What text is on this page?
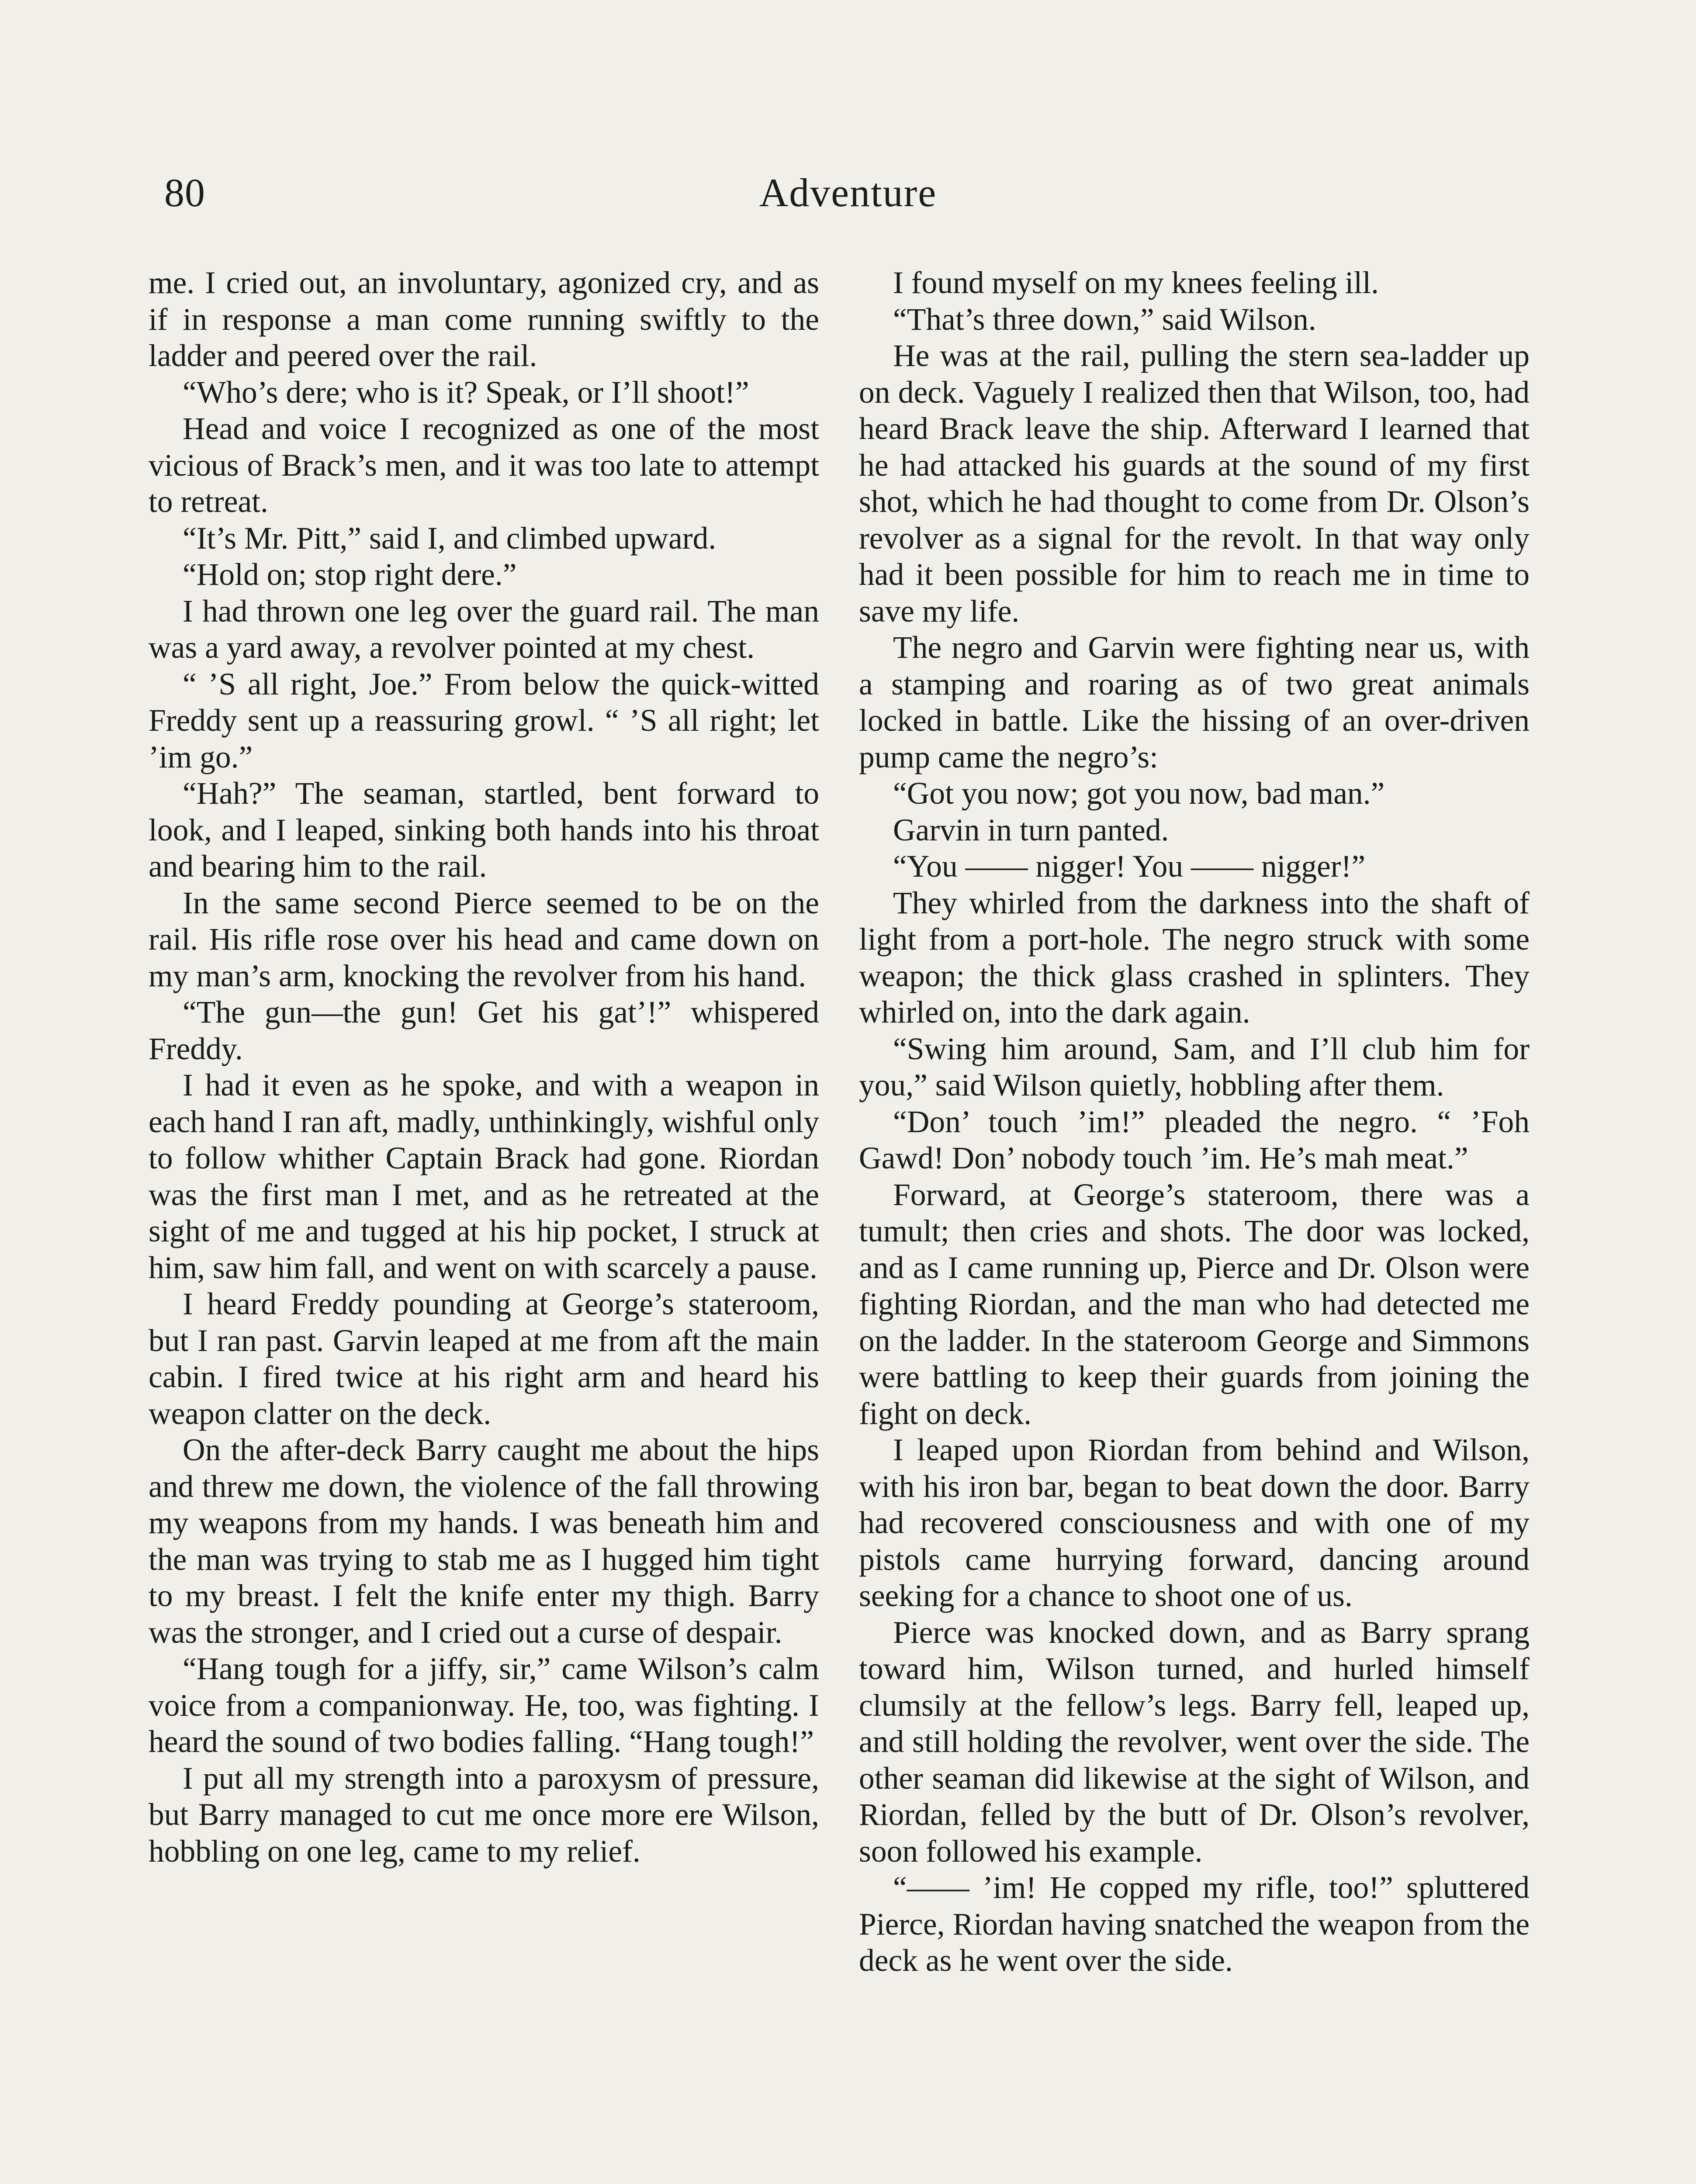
80	Adventure

me. I cried out, an involuntary, agonized cry, and as if in response a man come running swiftly to the ladder and peered over the rail.

“Who’s dere; who is it? Speak, or I’ll shoot!”

Head and voice I recognized as one of the most vicious of Brack’s men, and it was too late to attempt to retreat.

“It’s Mr. Pitt,” said I, and climbed upward.

“Hold on; stop right dere.”

I had thrown one leg over the guard rail. The man was a yard away, a revolver pointed at my chest.

“ ’S all right, Joe.” From below the quick-witted Freddy sent up a reassuring growl. “ ’S all right; let ’im go.”

“Hah?” The seaman, startled, bent forward to look, and I leaped, sinking both hands into his throat and bearing him to the rail.

In the same second Pierce seemed to be on the rail. His rifle rose over his head and came down on my man’s arm, knocking the revolver from his hand.

“The gun—the gun! Get his gat’!” whispered Freddy.

I had it even as he spoke, and with a weapon in each hand I ran aft, madly, unthinkingly, wishful only to follow whither Captain Brack had gone. Riordan was the first man I met, and as he retreated at the sight of me and tugged at his hip pocket, I struck at him, saw him fall, and went on with scarcely a pause.

I heard Freddy pounding at George’s stateroom, but I ran past. Garvin leaped at me from aft the main cabin. I fired twice at his right arm and heard his weapon clatter on the deck.

On the after-deck Barry caught me about the hips and threw me down, the violence of the fall throwing my weapons from my hands. I was beneath him and the man was trying to stab me as I hugged him tight to my breast. I felt the knife enter my thigh. Barry was the stronger, and I cried out a curse of despair.

“Hang tough for a jiffy, sir,” came Wilson’s calm voice from a companionway. He, too, was fighting. I heard the sound of two bodies falling. “Hang tough!”

I put all my strength into a paroxysm of pressure, but Barry managed to cut me once more ere Wilson, hobbling on one leg, came to my relief.

I found myself on my knees feeling ill.

“That’s three down,” said Wilson.

He was at the rail, pulling the stern sea-ladder up on deck. Vaguely I realized then that Wilson, too, had heard Brack leave the ship. Afterward I learned that he had attacked his guards at the sound of my first shot, which he had thought to come from Dr. Olson’s revolver as a signal for the revolt. In that way only had it been possible for him to reach me in time to save my life.

The negro and Garvin were fighting near us, with a stamping and roaring as of two great animals locked in battle. Like the hissing of an over-driven pump came the negro’s:

“Got you now; got you now, bad man.”

Garvin in turn panted.

“You —— nigger! You —— nigger!”

They whirled from the darkness into the shaft of light from a port-hole. The negro struck with some weapon; the thick glass crashed in splinters. They whirled on, into the dark again.

“Swing him around, Sam, and I’ll club him for you,” said Wilson quietly, hobbling after them.

“Don’ touch ’im!” pleaded the negro. “ ’Foh Gawd! Don’ nobody touch ’im. He’s mah meat.”

Forward, at George’s stateroom, there was a tumult; then cries and shots. The door was locked, and as I came running up, Pierce and Dr. Olson were fighting Riordan, and the man who had detected me on the ladder. In the stateroom George and Simmons were battling to keep their guards from joining the fight on deck.

I leaped upon Riordan from behind and Wilson, with his iron bar, began to beat down the door. Barry had recovered consciousness and with one of my pistols came hurrying forward, dancing around seeking for a chance to shoot one of us.

Pierce was knocked down, and as Barry sprang toward him, Wilson turned, and hurled himself clumsily at the fellow’s legs. Barry fell, leaped up, and still holding the revolver, went over the side. The other seaman did likewise at the sight of Wilson, and Riordan, felled by the butt of Dr. Olson’s revolver, soon followed his example.

“—— ’im! He copped my rifle, too!” spluttered Pierce, Riordan having snatched the weapon from the deck as he went over the side.
